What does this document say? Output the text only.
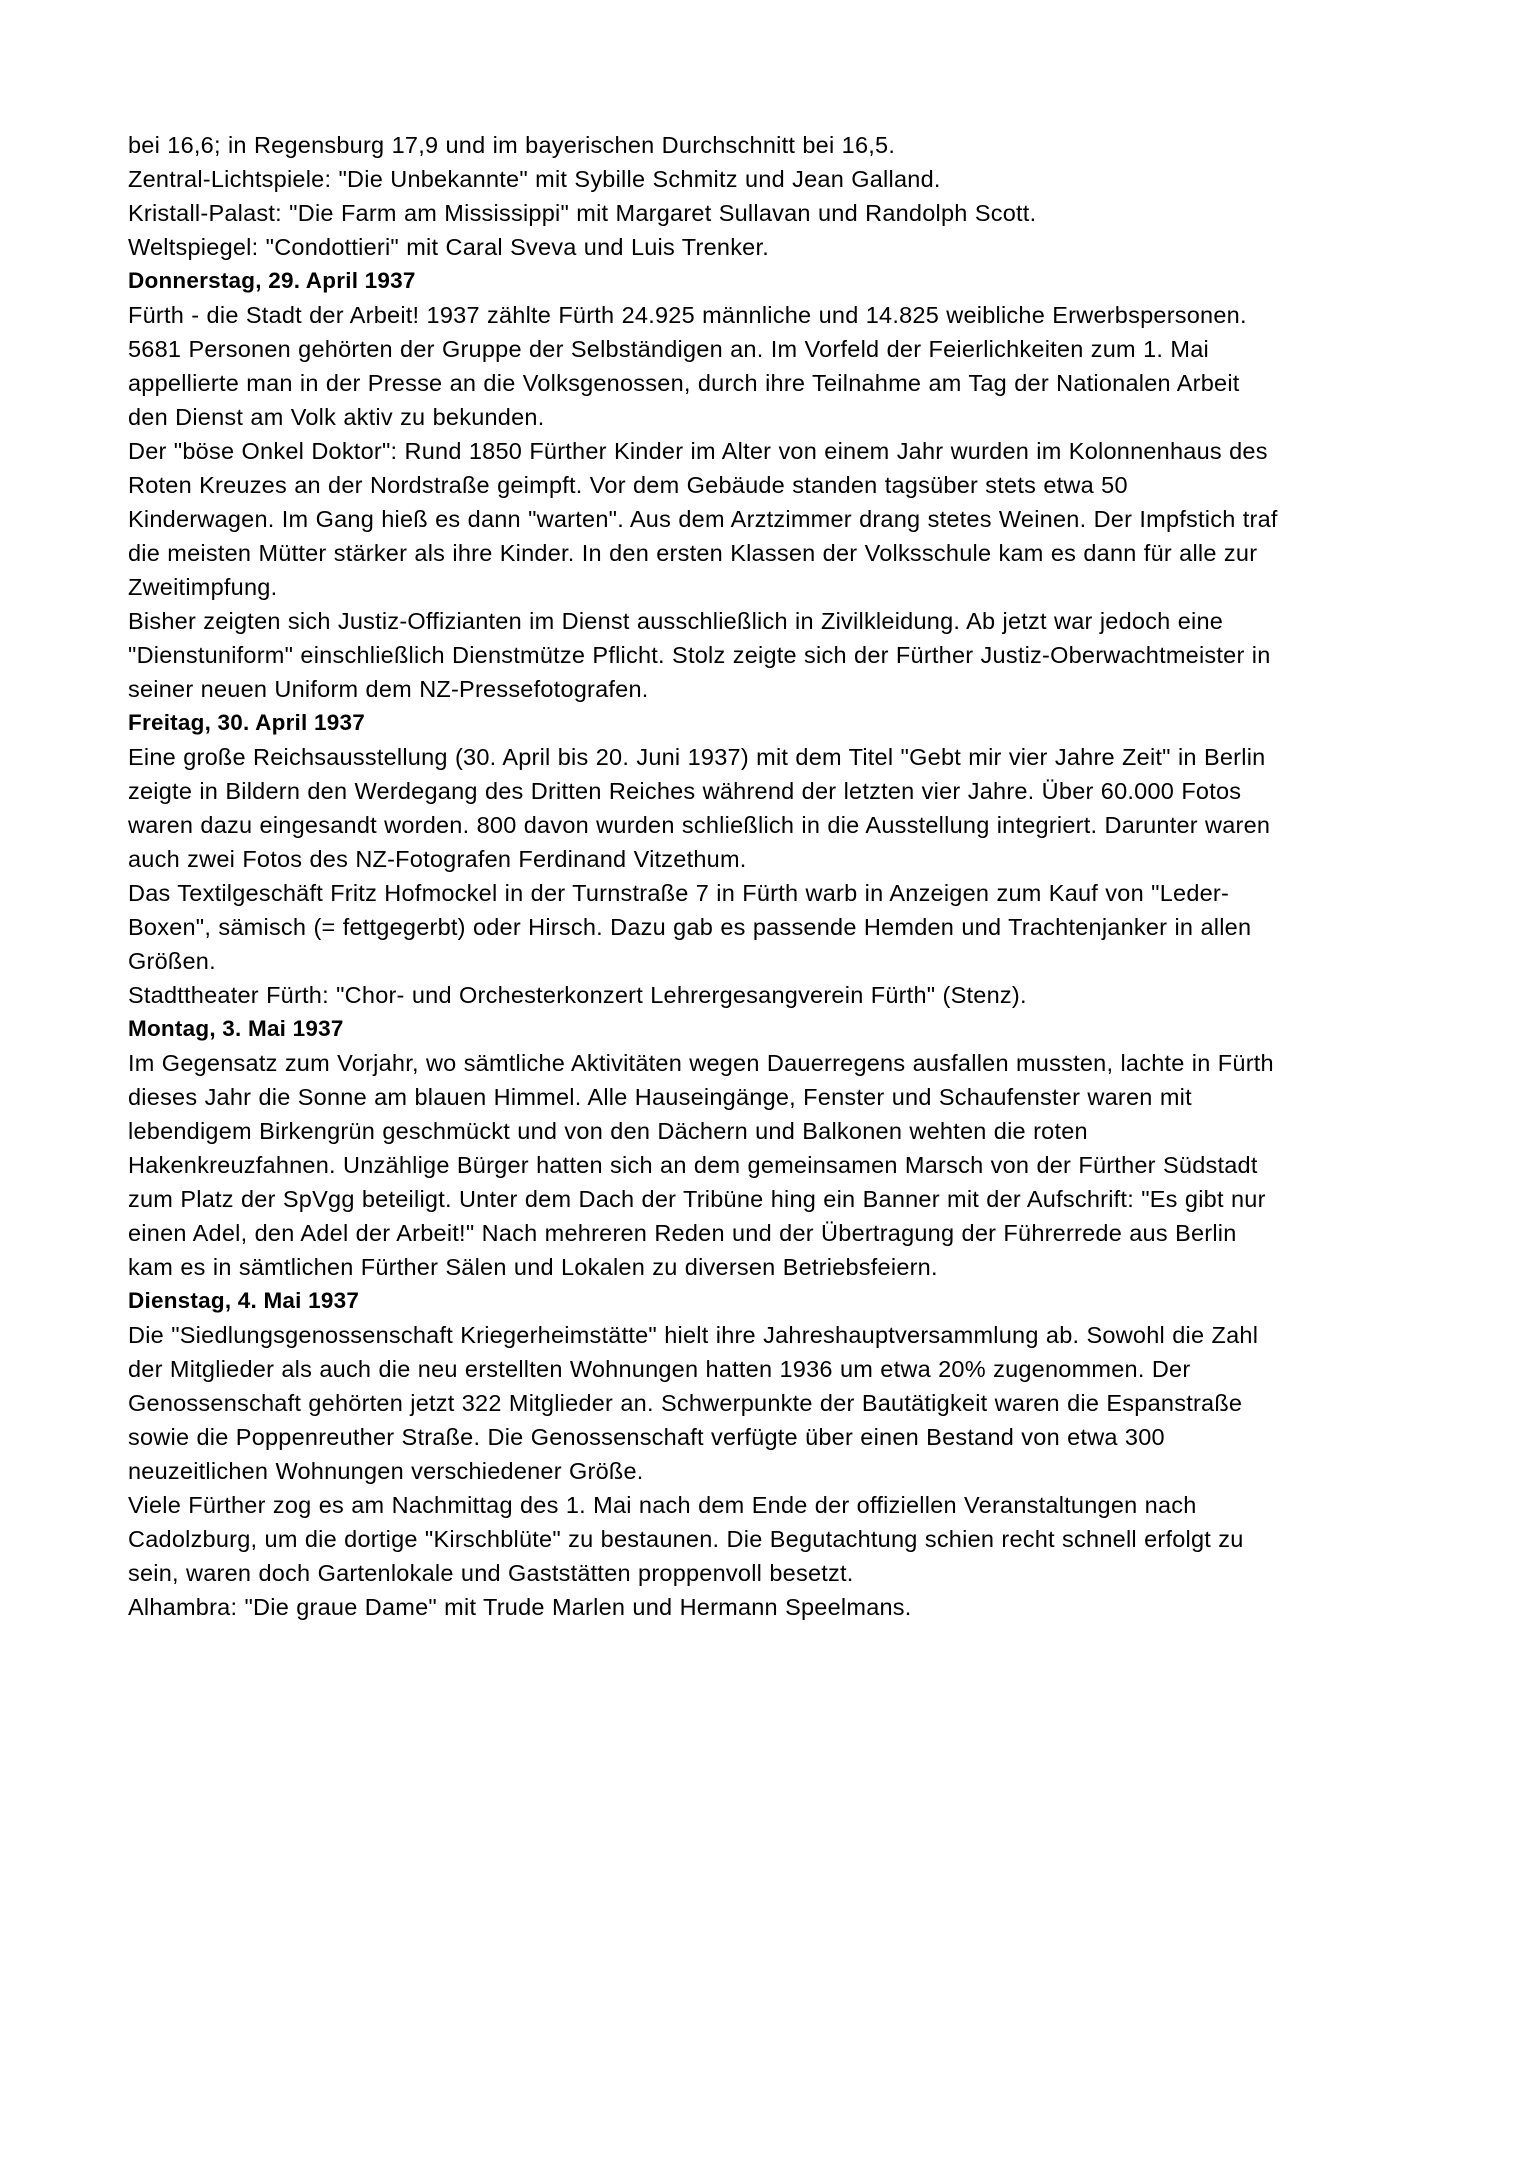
bei 16,6; in Regensburg 17,9 und im bayerischen Durchschnitt bei 16,5.
Zentral-Lichtspiele: "Die Unbekannte" mit Sybille Schmitz und Jean Galland.
Kristall-Palast: "Die Farm am Mississippi" mit Margaret Sullavan und Randolph Scott.
Weltspiegel: "Condottieri" mit Caral Sveva und Luis Trenker.

Donnerstag, 29. April 1937

Fürth - die Stadt der Arbeit! 1937 zählte Fürth 24.925 männliche und 14.825 weibliche Erwerbspersonen. 5681 Personen gehörten der Gruppe der Selbständigen an. Im Vorfeld der Feierlichkeiten zum 1. Mai appellierte man in der Presse an die Volksgenossen, durch ihre Teilnahme am Tag der Nationalen Arbeit den Dienst am Volk aktiv zu bekunden.
Der "böse Onkel Doktor": Rund 1850 Fürther Kinder im Alter von einem Jahr wurden im Kolonnenhaus des Roten Kreuzes an der Nordstraße geimpft. Vor dem Gebäude standen tagsüber stets etwa 50 Kinderwagen. Im Gang hieß es dann "warten". Aus dem Arztzimmer drang stetes Weinen. Der Impfstich traf die meisten Mütter stärker als ihre Kinder. In den ersten Klassen der Volksschule kam es dann für alle zur Zweitimpfung.
Bisher zeigten sich Justiz-Offizianten im Dienst ausschließlich in Zivilkleidung. Ab jetzt war jedoch eine "Dienstuniform" einschließlich Dienstmütze Pflicht. Stolz zeigte sich der Fürther Justiz-Oberwachtmeister in seiner neuen Uniform dem NZ-Pressefotografen.

Freitag, 30. April 1937

Eine große Reichsausstellung (30. April bis 20. Juni 1937) mit dem Titel "Gebt mir vier Jahre Zeit" in Berlin zeigte in Bildern den Werdegang des Dritten Reiches während der letzten vier Jahre. Über 60.000 Fotos waren dazu eingesandt worden. 800 davon wurden schließlich in die Ausstellung integriert. Darunter waren auch zwei Fotos des NZ-Fotografen Ferdinand Vitzethum.
Das Textilgeschäft Fritz Hofmockel in der Turnstraße 7 in Fürth warb in Anzeigen zum Kauf von "Leder-Boxen", sämisch (= fettgegerbt) oder Hirsch. Dazu gab es passende Hemden und Trachtenjanker in allen Größen.
Stadttheater Fürth: "Chor- und Orchesterkonzert Lehrergesangverein Fürth" (Stenz).

Montag, 3. Mai 1937

Im Gegensatz zum Vorjahr, wo sämtliche Aktivitäten wegen Dauerregens ausfallen mussten, lachte in Fürth dieses Jahr die Sonne am blauen Himmel. Alle Hauseingänge, Fenster und Schaufenster waren mit lebendigem Birkengrün geschmückt und von den Dächern und Balkonen wehten die roten Hakenkreuzfahnen. Unzählige Bürger hatten sich an dem gemeinsamen Marsch von der Fürther Südstadt zum Platz der SpVgg beteiligt. Unter dem Dach der Tribüne hing ein Banner mit der Aufschrift: "Es gibt nur einen Adel, den Adel der Arbeit!" Nach mehreren Reden und der Übertragung der Führerrede aus Berlin kam es in sämtlichen Fürther Sälen und Lokalen zu diversen Betriebsfeiern.

Dienstag, 4. Mai 1937

Die "Siedlungsgenossenschaft Kriegerheimstätte" hielt ihre Jahreshauptversammlung ab. Sowohl die Zahl der Mitglieder als auch die neu erstellten Wohnungen hatten 1936 um etwa 20% zugenommen. Der Genossenschaft gehörten jetzt 322 Mitglieder an. Schwerpunkte der Bautätigkeit waren die Espanstraße sowie die Poppenreuther Straße. Die Genossenschaft verfügte über einen Bestand von etwa 300 neuzeitlichen Wohnungen verschiedener Größe.
Viele Fürther zog es am Nachmittag des 1. Mai nach dem Ende der offiziellen Veranstaltungen nach Cadolzburg, um die dortige "Kirschblüte" zu bestaunen. Die Begutachtung schien recht schnell erfolgt zu sein, waren doch Gartenlokale und Gaststätten proppenvoll besetzt.
Alhambra: "Die graue Dame" mit Trude Marlen und Hermann Speelmans.
